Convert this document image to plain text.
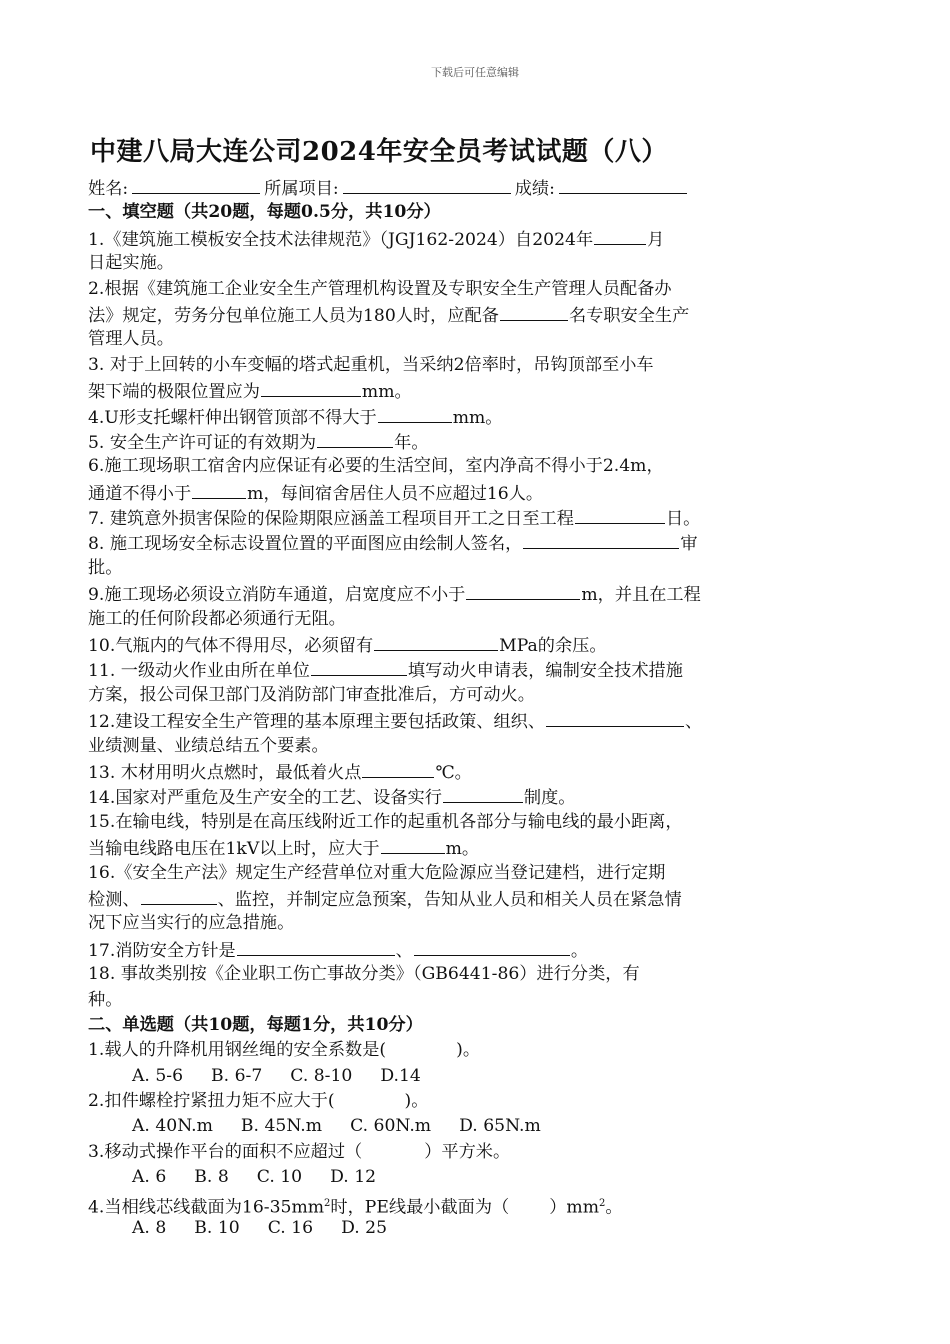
下载后可任意编辑
中建八局大连公司2024年安全员考试试题（八）
姓名:	所属项目:	成绩:
一、填空题（共20题，每题0.5分，共10分）
1.《建筑施工模板安全技术法律规范》（JGJ162-2024）自2024年	月
日起实施。
2.根据《建筑施工企业安全生产管理机构设置及专职安全生产管理人员配备办
法》规定，劳务分包单位施工人员为180人时，应配备	名专职安全生产
管理人员。
3. 对于上回转的小车变幅的塔式起重机，当采纳2倍率时，吊钩顶部至小车
架下端的极限位置应为	mm。
4.U形支托螺杆伸出钢管顶部不得大于	mm。
5. 安全生产许可证的有效期为	年。
6.施工现场职工宿舍内应保证有必要的生活空间，室内净高不得小于2.4m，
通道不得小于	m，每间宿舍居住人员不应超过16人。
7. 建筑意外损害保险的保险期限应涵盖工程项目开工之日至工程	日。
8. 施工现场安全标志设置位置的平面图应由绘制人签名，	审
批。
9.施工现场必须设立消防车通道，启宽度应不小于	m，并且在工程
施工的任何阶段都必须通行无阻。
10.气瓶内的气体不得用尽，必须留有	MPa的余压。
11. 一级动火作业由所在单位	填写动火申请表，编制安全技术措施
方案，报公司保卫部门及消防部门审查批准后，方可动火。
12.建设工程安全生产管理的基本原理主要包括政策、组织、	、
业绩测量、业绩总结五个要素。
13. 木材用明火点燃时，最低着火点	℃。
14.国家对严重危及生产安全的工艺、设备实行	制度。
15.在输电线，特别是在高压线附近工作的起重机各部分与输电线的最小距离，
当输电线路电压在1kV以上时，应大于	m。
16.《安全生产法》规定生产经营单位对重大危险源应当登记建档，进行定期
检测、	、监控，并制定应急预案，告知从业人员和相关人员在紧急情
况下应当实行的应急措施。
17.消防安全方针是	、	。
18. 事故类别按《企业职工伤亡事故分类》（GB6441-86）进行分类，有
种。
二、单选题（共10题，每题1分，共10分）
1.载人的升降机用钢丝绳的安全系数是(	)。
A. 5-6 B. 6-7 C. 8-10 D.14
2.扣件螺栓拧紧扭力矩不应大于(	)。
A. 40N.m B. 45N.m C. 60N.m D. 65N.m
3.移动式操作平台的面积不应超过（	）平方米。
A. 6 B. 8 C. 10 D. 12
4.当相线芯线截面为$16-35mm^2$时，PE线最小截面为（ ）$mm^2$。
A. 8 B. 10 C. 16 D. 25
